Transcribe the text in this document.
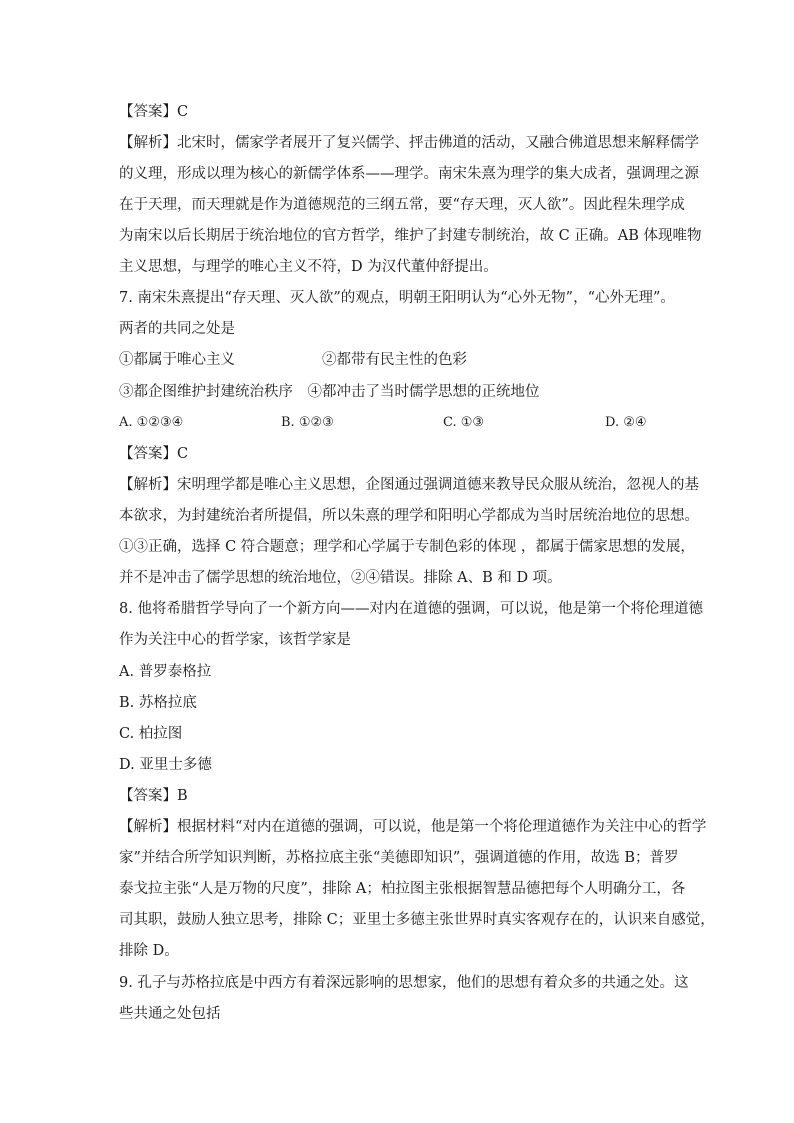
【答案】C
【解析】北宋时，儒家学者展开了复兴儒学、抨击佛道的活动，又融合佛道思想来解释儒学
的义理，形成以理为核心的新儒学体系——理学。南宋朱熹为理学的集大成者，强调理之源
在于天理，而天理就是作为道德规范的三纲五常，要“存天理，灭人欲”。因此程朱理学成
为南宋以后长期居于统治地位的官方哲学，维护了封建专制统治，故 C 正确。AB 体现唯物
主义思想，与理学的唯心主义不符，D 为汉代董仲舒提出。
7. 南宋朱熹提出“存天理、灭人欲”的观点，明朝王阳明认为“心外无物”，“心外无理”。
两者的共同之处是
①都属于唯心主义　　　　　　②都带有民主性的色彩
③都企图维护封建统治秩序　④都冲击了当时儒学思想的正统地位
A. ①②③④	B. ①②③	C. ①③	D. ②④
【答案】C
【解析】宋明理学都是唯心主义思想，企图通过强调道德来教导民众服从统治，忽视人的基
本欲求，为封建统治者所提倡，所以朱熹的理学和阳明心学都成为当时居统治地位的思想。
①③正确，选择 C 符合题意；理学和心学属于专制色彩的体现 ，都属于儒家思想的发展，
并不是冲击了儒学思想的统治地位，②④错误。排除 A、B 和 D 项。
8. 他将希腊哲学导向了一个新方向——对内在道德的强调，可以说，他是第一个将伦理道德
作为关注中心的哲学家，该哲学家是
A. 普罗泰格拉
B. 苏格拉底
C. 柏拉图
D. 亚里士多德
【答案】B
【解析】根据材料“对内在道德的强调，可以说，他是第一个将伦理道德作为关注中心的哲学
家”并结合所学知识判断，苏格拉底主张“美德即知识”，强调道德的作用，故选 B；普罗
泰戈拉主张“人是万物的尺度”，排除 A；柏拉图主张根据智慧品德把每个人明确分工，各
司其职，鼓励人独立思考，排除 C；亚里士多德主张世界时真实客观存在的，认识来自感觉，
排除 D。
9. 孔子与苏格拉底是中西方有着深远影响的思想家，他们的思想有着众多的共通之处。这
些共通之处包括
